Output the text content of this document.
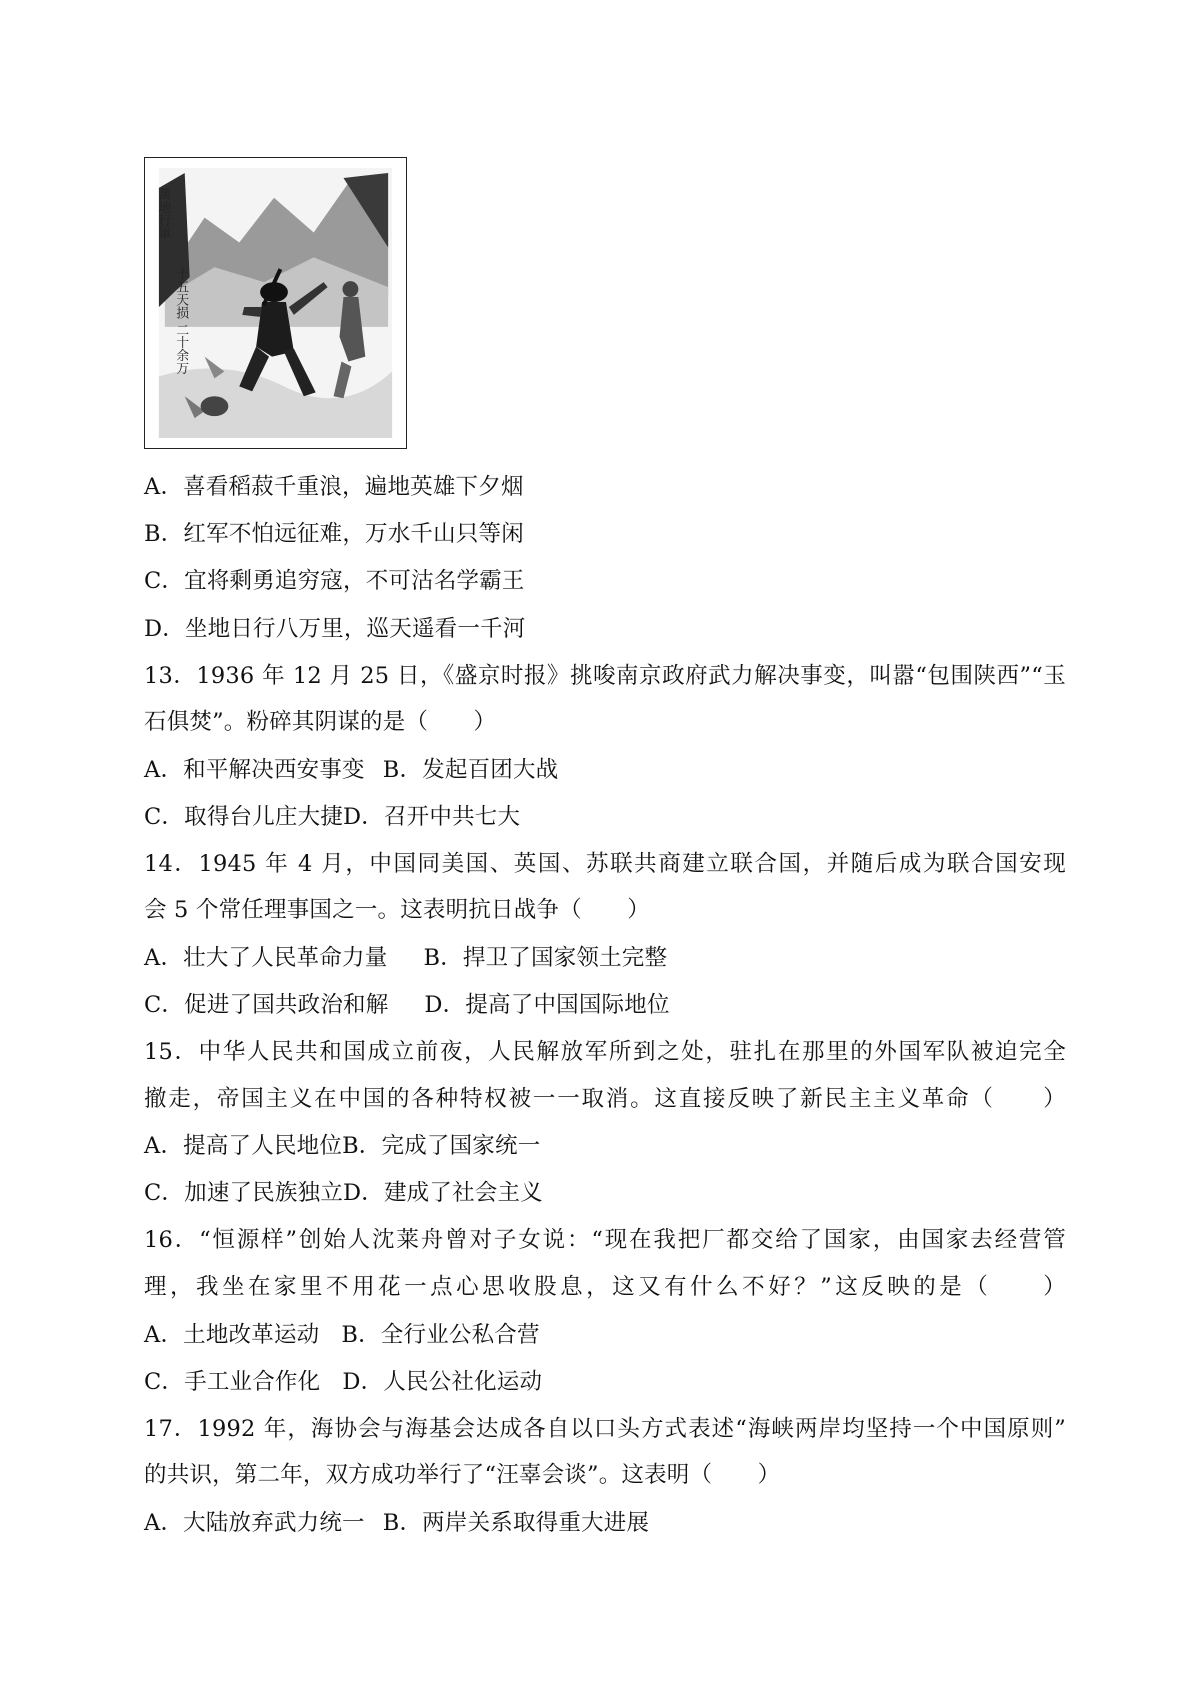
萬地行軍
十五天损 二十余万
A．喜看稻菽千重浪，遍地英雄下夕烟
B．红军不怕远征难，万水千山只等闲
C．宜将剩勇追穷寇，不可沽名学霸王
D．坐地日行八万里，巡天遥看一千河
13．1936 年 12 月 25 日，《盛京时报》挑唆南京政府武力解决事变，叫嚣“包围陕西”“玉
石俱焚”。粉碎其阴谋的是（　　）
A．和平解决西安事变 B．发起百团大战
C．取得台儿庄大捷D．召开中共七大
14．1945 年 4 月，中国同美国、英国、苏联共商建立联合国，并随后成为联合国安现
会 5 个常任理事国之一。这表明抗日战争（　　）
A．壮大了人民革命力量 B．捍卫了国家领土完整
C．促进了国共政治和解 D．提高了中国国际地位
15．中华人民共和国成立前夜，人民解放军所到之处，驻扎在那里的外国军队被迫完全
撤走，帝国主义在中国的各种特权被一一取消。这直接反映了新民主主义革命（　　）
A．提高了人民地位B．完成了国家统一
C．加速了民族独立D．建成了社会主义
16．“恒源样”创始人沈莱舟曾对子女说：“现在我把厂都交给了国家，由国家去经营管
理，我坐在家里不用花一点心思收股息，这又有什么不好？”这反映的是（　　）
A．土地改革运动 B．全行业公私合营
C．手工业合作化 D．人民公社化运动
17．1992 年，海协会与海基会达成各自以口头方式表述“海峡两岸均坚持一个中国原则”
的共识，第二年，双方成功举行了“汪辜会谈”。这表明（　　）
A．大陆放弃武力统一 B．两岸关系取得重大进展
